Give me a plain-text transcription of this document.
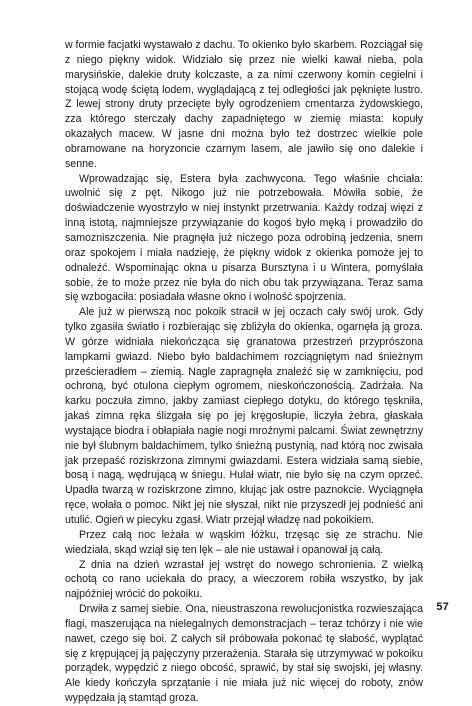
w formie facjatki wystawało z dachu. To okienko było skarbem. Rozciągał się z niego piękny widok. Widziało się przez nie wielki kawał nieba, pola marysińskie, dalekie druty kolczaste, a za nimi czerwony komin cegielni i stojącą wodę ściętą lodem, wyglądającą z tej odległości jak pęknięte lustro. Z lewej strony druty przecięte były ogrodzeniem cmentarza żydowskiego, zza którego sterczały dachy zapadniętego w ziemię miasta: kopuły okazałych macew. W jasne dni można było też dostrzec wielkie pole obramowane na horyzoncie czarnym lasem, ale jawiło się ono dalekie i senne.

Wprowadzając się, Estera była zachwycona. Tego właśnie chciała: uwolnić się z pęt. Nikogo już nie potrzebowała. Mówiła sobie, że doświadczenie wyostrzyło w niej instynkt przetrwania. Każdy rodzaj więzi z inną istotą, najmniejsze przywiązanie do kogoś było męką i prowadziło do samozniszczenia. Nie pragnęła już niczego poza odrobiną jedzenia, snem oraz spokojem i miała nadzieję, że piękny widok z okienka pomoże jej to odnaleźć. Wspominając okna u pisarza Bursztyna i u Wintera, pomyślała sobie, że to może przez nie była do nich obu tak przywiązana. Teraz sama się wzbogaciła: posiadała własne okno i wolność spojrzenia.

Ale już w pierwszą noc pokoik stracił w jej oczach cały swój urok. Gdy tylko zgasiła światło i rozbierając się zbliżyła do okienka, ogarnęła ją groza. W górze widniała niekończąca się granatowa przestrzeń przyprószona lampkami gwiazd. Niebo było baldachimem rozciągniętym nad śnieżnym prześcieradłem – ziemią. Nagle zapragnęła znaleźć się w zamknięciu, pod ochroną, być otulona ciepłym ogromem, nieskończonością. Zadrżała. Na karku poczuła zimno, jakby zamiast ciepłego dotyku, do którego tęskniła, jakaś zimna ręka ślizgała się po jej kręgosłupie, liczyła żebra, głaskała wystające biodra i obłapiała nagie nogi mroźnymi palcami. Świat zewnętrzny nie był ślubnym baldachimem, tylko śnieżną pustynią, nad którą noc zwisała jak przepaść roziskrzona zimnymi gwiazdami. Estera widziała samą siebie, bosą i nagą, wędrującą w śniegu. Hulał wiatr, nie było się na czym oprzeć. Upadła twarzą w roziskrzone zimno, kłując jak ostre paznokcie. Wyciągnęła ręce, wołała o pomoc. Nikt jej nie słyszał, nikt nie przyszedł jej podnieść ani utulić. Ogień w piecyku zgasł. Wiatr przejął władzę nad pokoikiem.

Przez całą noc leżała w wąskim łóżku, trzęsąc się ze strachu. Nie wiedziała, skąd wziął się ten lęk – ale nie ustawał i opanował ją całą.

Z dnia na dzień wzrastał jej wstręt do nowego schronienia. Z wielką ochotą co rano uciekała do pracy, a wieczorem robiła wszystko, by jak najpóźniej wrócić do pokoiku.

Drwiła z samej siebie. Ona, nieustraszona rewolucjonistka rozwieszająca flagi, maszerująca na nielegalnych demonstracjach – teraz tchórzy i nie wie nawet, czego się boi. Z całych sił próbowała pokonać tę słabość, wyplątać się z krępującej ją pajęczyny przerażenia. Starała się utrzymywać w pokoiku porządek, wypędzić z niego obcość, sprawić, by stał się swojski, jej własny. Ale kiedy kończyła sprzątanie i nie miała już nic więcej do roboty, znów wypędzała ją stamtąd groza.

57
